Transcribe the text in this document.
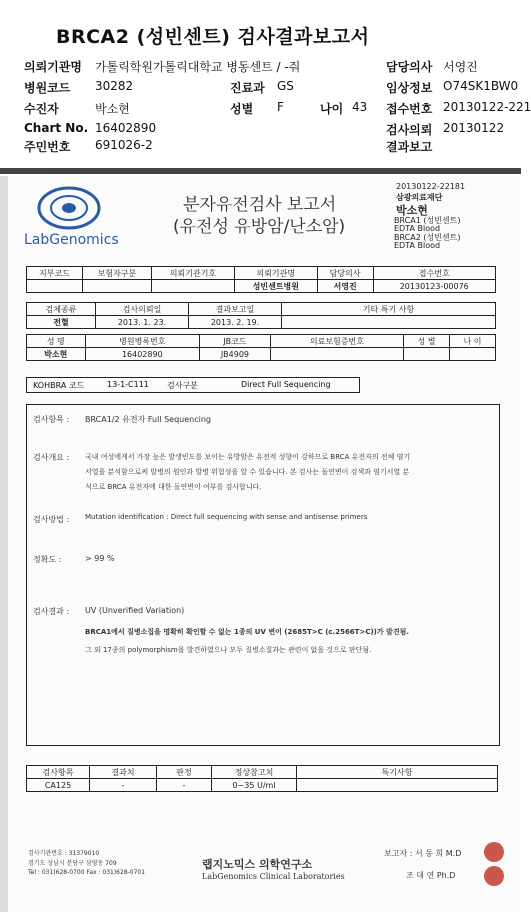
BRCA2 (성빈센트) 검사결과보고서
의뢰기관명 가톨릭학원가톨릭대학교 병동센트 / -줘
병원코드 30282
수진자	박소현
Chart No. 16402890
주민번호 691026-2
진료과 GS
성별 F	나이 43
담당의사 서영진
임상정보 O74SK1BW0
접수번호 20130122-221
검사의뢰 20130122
결과보고
LabGenomics
분자유전검사 보고서
(유전성 유방암/난소암)
20130122-22181
삼광의료재단
박소현
BRCA1 (성빈센트)
EDTA Blood
BRCA2 (성빈센트)
EDTA Blood
지부코드	보험자구분	의뢰기관기호	의뢰기관명	담당의사	접수번호
			성빈센트병원	서영진	20130123-00076
검체종류	검사의뢰일	결과보고일	기타 특기 사항
전혈	2013. 1. 23.	2013. 2. 19.	
성 명	병원병록번호	JB코드	의료보험증번호	성 별	나 이
박소현	16402890	JB4909			
KOHBRA 코드	13-1-C111 검사구분	Direct Full Sequencing
검사항목 : BRCA1/2 유전자 Full Sequencing
검사개요 : 국내 여성에게서 가장 높은 발생빈도를 보이는 유방암은 유전적 성향이 강하므로 BRCA 유전자의 전체 염기
서열을 분석함으로써 발병의 원인과 발병 위험성을 알 수 있습니다. 본 검사는 돌연변이 검색과 염기서열 분
석으로 BRCA 유전자에 대한 돌연변이 여부를 검사합니다.
검사방법 : Mutation identification : Direct full sequencing with sense and antisense primers
정확도 :	> 99 %
검사결과 : UV (Unverified Variation)
BRCA1에서 질병소집을 명확히 확인할 수 없는 1종의 UV 변이 (2685T>C (c.2566T>C))가 발견됨.
그 외 17종의 polymorphism을 발견하였으나 모두 질병소질과는 관련이 없을 것으로 판단됨.
검사항목	결과치	판정	정상참고치	특기사항
CA125	-	-	0~35 U/ml	
검사기관번호 : 31379010
경기도 성남시 분당구 삼평동 709
Tel : 031)628-0700 Fax : 031)628-0701
랩지노믹스 의학연구소
LabGenomics Clinical Laboratories
보고자 : 서 동 희 M.D
조 대 연 Ph.D
